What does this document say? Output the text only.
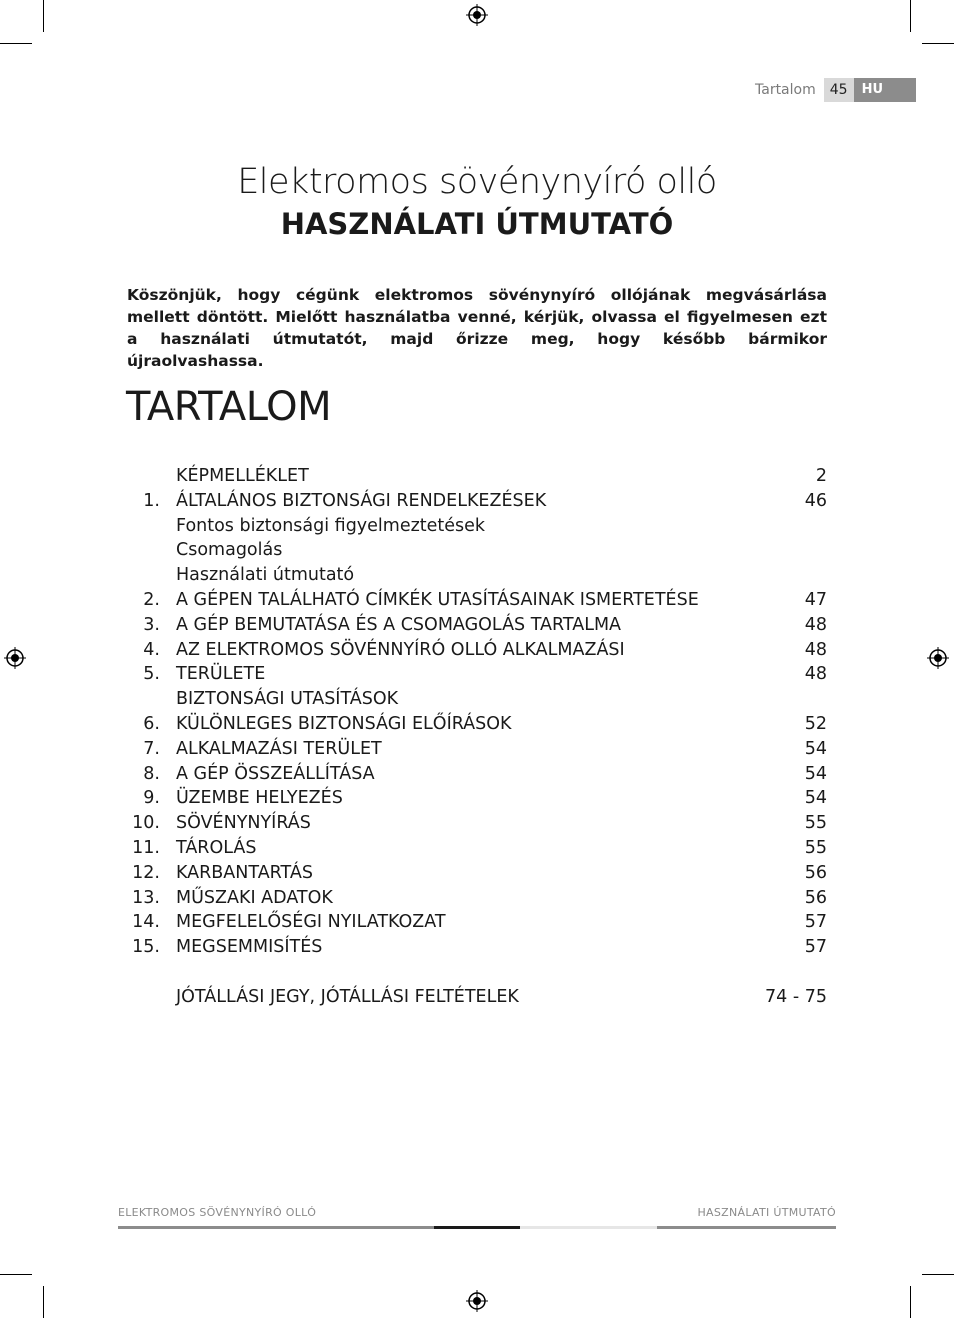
Tartalom	45	HU
Elektromos sövénynyíró olló
HASZNÁLATI ÚTMUTATÓ
Köszönjük, hogy cégünk elektromos sövénynyíró ollójának megvásárlása mellett döntött. Mielőtt használatba venné, kérjük, olvassa el figyelmesen ezt a használati útmutatót, majd őrizze meg, hogy később bármikor újraolvashassa.
TARTALOM
KÉPMELLÉKLET	2
1. ÁLTALÁNOS BIZTONSÁGI RENDELKEZÉSEK	46
Fontos biztonsági figyelmeztetések
Csomagolás
Használati útmutató
2. A GÉPEN TALÁLHATÓ CÍMKÉK UTASÍTÁSAINAK ISMERTETÉSE	47
3. A GÉP BEMUTATÁSA ÉS A CSOMAGOLÁS TARTALMA	48
4. AZ ELEKTROMOS SÖVÉNNYÍRÓ OLLÓ ALKALMAZÁSI	48
5. TERÜLETE	48
BIZTONSÁGI UTASÍTÁSOK
6. KÜLÖNLEGES BIZTONSÁGI ELŐÍRÁSOK	52
7. ALKALMAZÁSI TERÜLET	54
8. A GÉP ÖSSZEÁLLÍTÁSA	54
9. ÜZEMBE HELYEZÉS	54
10. SÖVÉNYNYÍRÁS	55
11. TÁROLÁS	55
12. KARBANTARTÁS	56
13. MŰSZAKI ADATOK	56
14. MEGFELELŐSÉGI NYILATKOZAT	57
15. MEGSEMMISÍTÉS	57
JÓTÁLLÁSI JEGY, JÓTÁLLÁSI FELTÉTELEK	74 - 75
ELEKTROMOS SÖVÉNYNYÍRÓ OLLÓ	HASZNÁLATI ÚTMUTATÓ
